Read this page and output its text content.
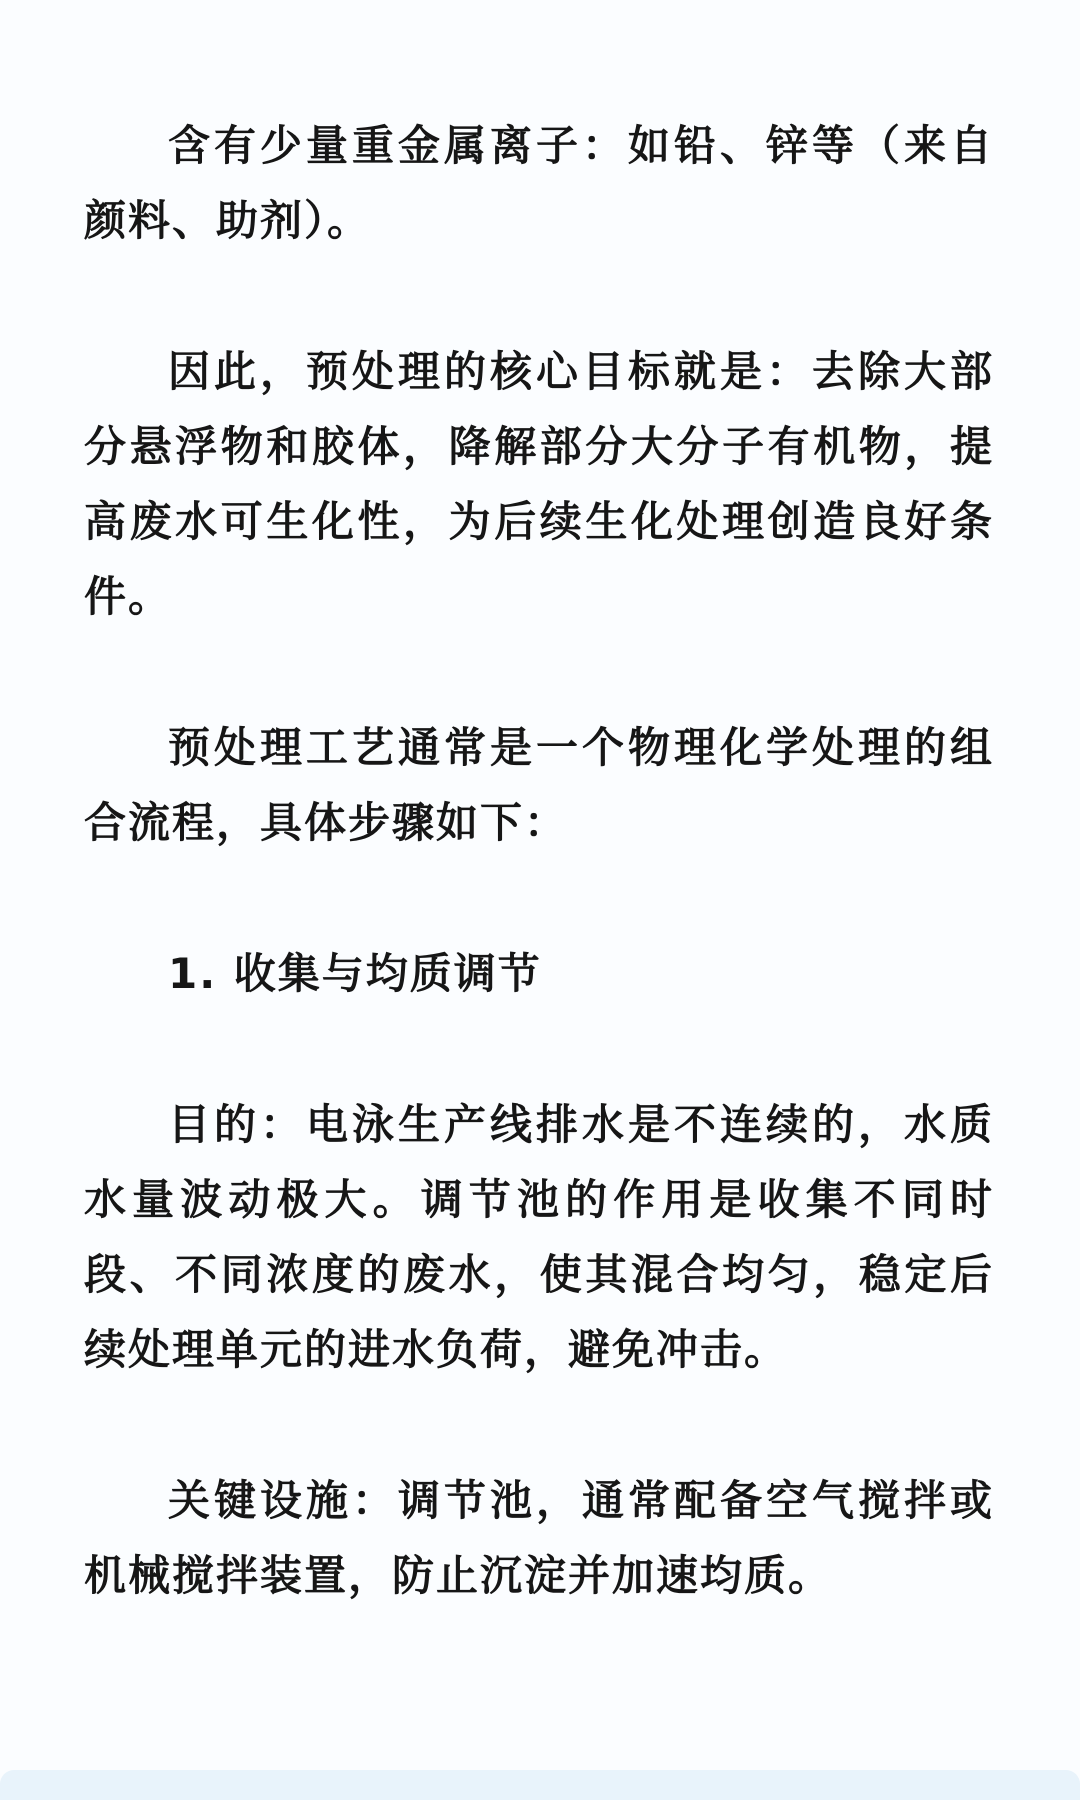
含有少量重金属离子：如铅、锌等（来自颜料、助剂）。

因此，预处理的核心目标就是：去除大部分悬浮物和胶体，降解部分大分子有机物，提高废水可生化性，为后续生化处理创造良好条件。

预处理工艺通常是一个物理化学处理的组合流程，具体步骤如下：

1. 收集与均质调节

目的：电泳生产线排水是不连续的，水质水量波动极大。调节池的作用是收集不同时段、不同浓度的废水，使其混合均匀，稳定后续处理单元的进水负荷，避免冲击。

关键设施：调节池，通常配备空气搅拌或机械搅拌装置，防止沉淀并加速均质。
